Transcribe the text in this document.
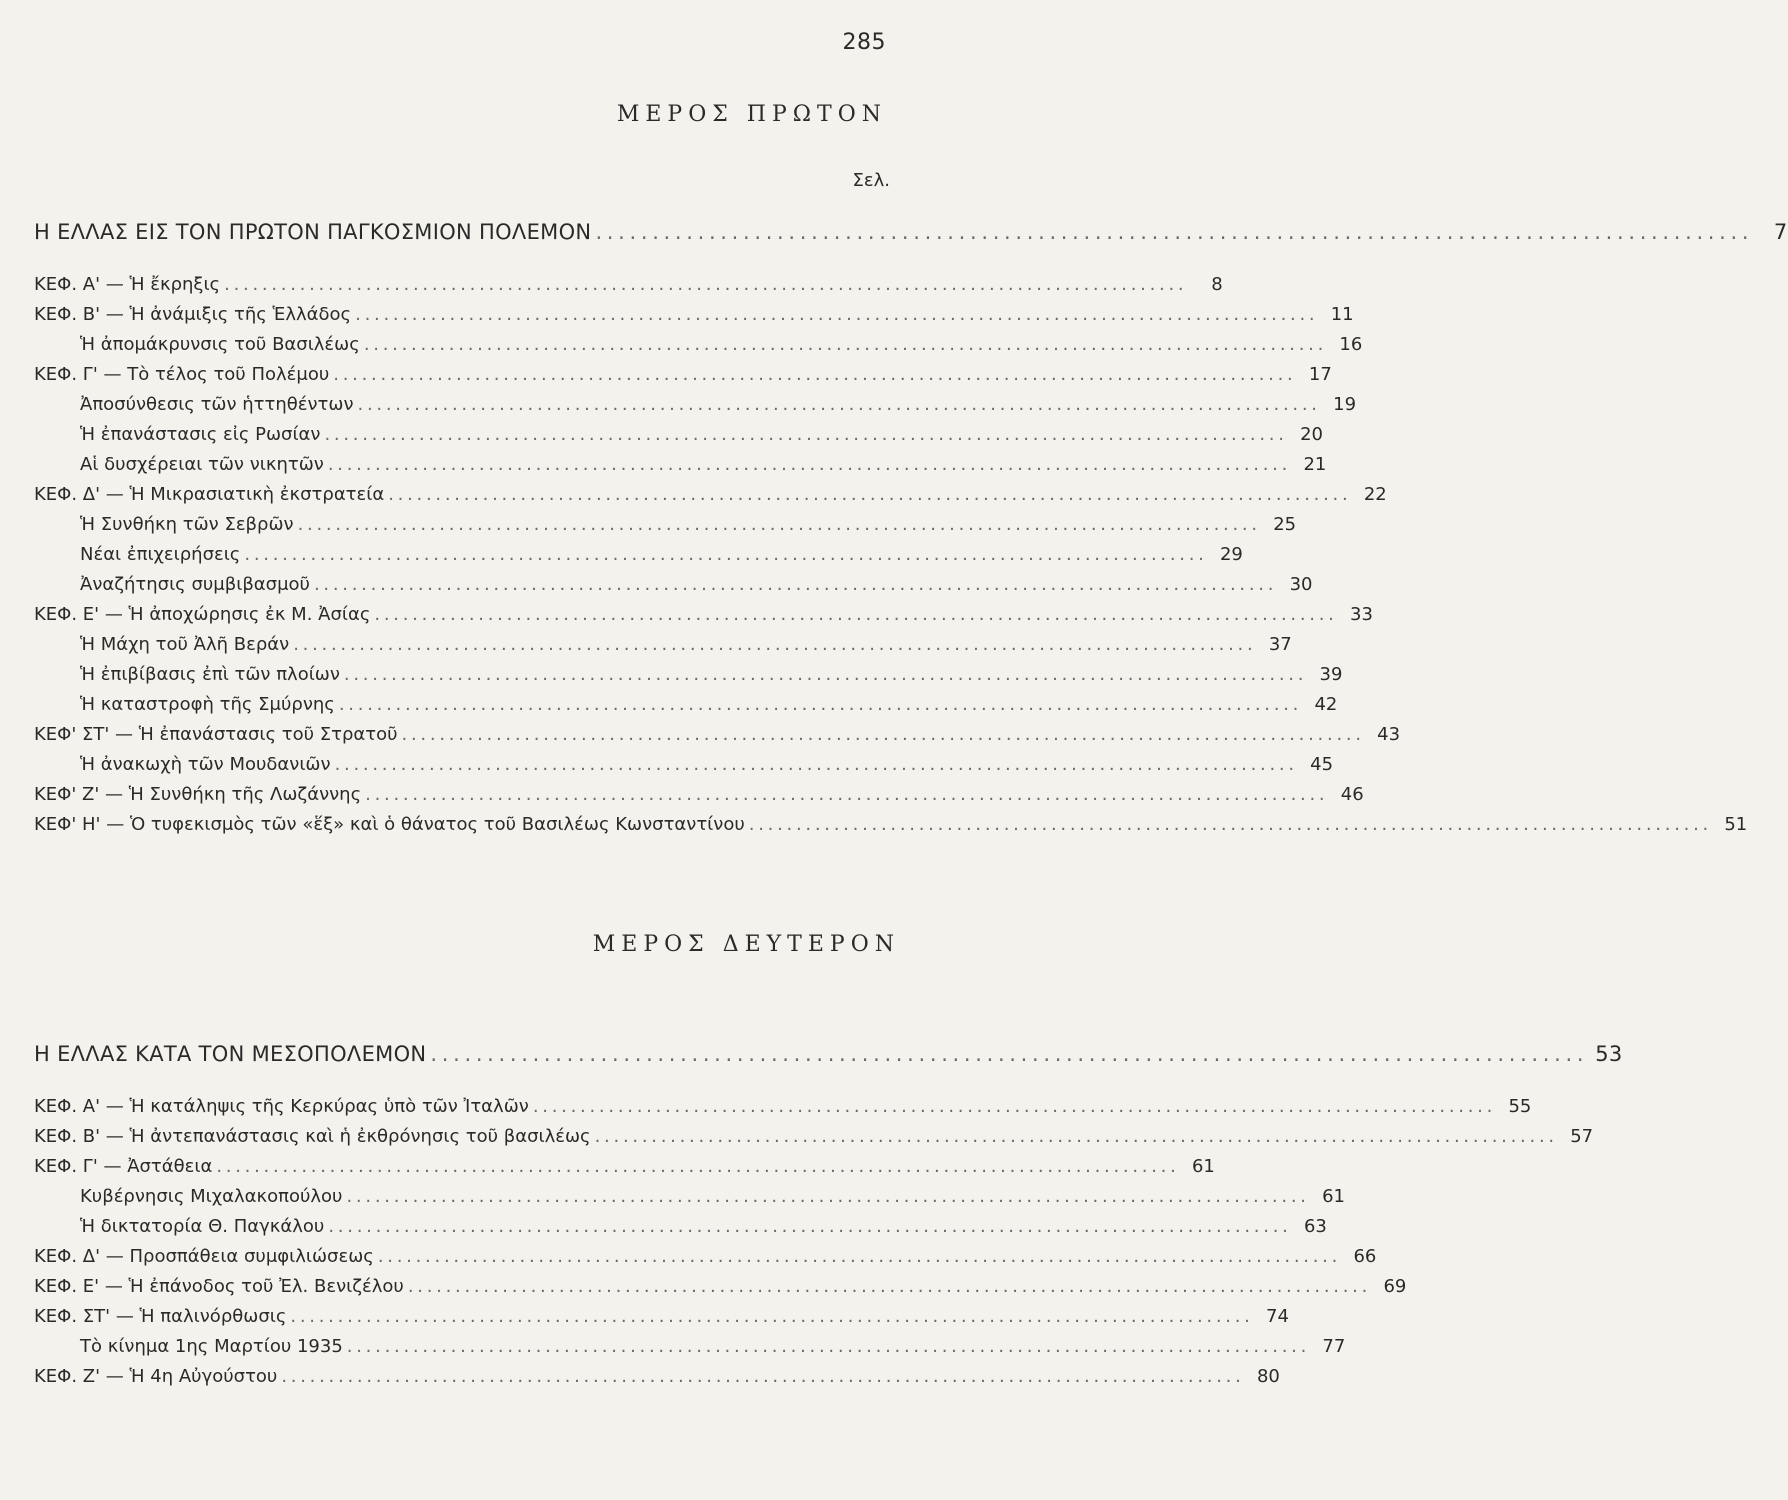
285
ΜΕΡΟΣ ΠΡΩΤΟΝ
Σελ.
Η ΕΛΛΑΣ ΕΙΣ ΤΟΝ ΠΡΩΤΟΝ ΠΑΓΚΟΣΜΙΟΝ ΠΟΛΕΜΟΝ . . .	7
ΚΕΦ. Α' — Ἡ ἔκρηξις . . .	8
ΚΕΦ. Β' — Ἡ ἀνάμιξις τῆς Ἑλλάδος . . .	11
Ἡ ἀπομάκρυνσις τοῦ Βασιλέως . . .	16
ΚΕΦ. Γ' — Τὸ τέλος τοῦ Πολέμου . . .	17
Ἀποσύνθεσις τῶν ἡττηθέντων . . .	19
Ἡ ἐπανάστασις εἰς Ρωσίαν . . .	20
Αἱ δυσχέρειαι τῶν νικητῶν . . .	21
ΚΕΦ. Δ' — Ἡ Μικρασιατικὴ ἐκστρατεία . . .	22
Ἡ Συνθήκη τῶν Σεβρῶν . . .	25
Νέαι ἐπιχειρήσεις . . .	29
Ἀναζήτησις συμβιβασμοῦ . . .	30
ΚΕΦ. Ε' — Ἡ ἀποχώρησις ἐκ Μ. Ἀσίας . . .	33
Ἡ Μάχη τοῦ Ἀλῆ Βεράν . . .	37
Ἡ ἐπιβίβασις ἐπὶ τῶν πλοίων . . .	39
Ἡ καταστροφὴ τῆς Σμύρνης . . .	42
ΚΕΦ' ΣΤ' — Ἡ ἐπανάστασις τοῦ Στρατοῦ . . .	43
Ἡ ἀνακωχὴ τῶν Μουδανιῶν . . .	45
ΚΕΦ' Ζ' — Ἡ Συνθήκη τῆς Λωζάννης . . .	46
ΚΕΦ' Η' — Ὁ τυφεκισμὸς τῶν «ἕξ» καὶ ὁ θάνατος τοῦ Βασιλέως Κωνσταντίνου . . .	51
ΜΕΡΟΣ ΔΕΥΤΕΡΟΝ
Η ΕΛΛΑΣ ΚΑΤΑ ΤΟΝ ΜΕΣΟΠΟΛΕΜΟΝ . . .	53
ΚΕΦ. Α' — Ἡ κατάληψις τῆς Κερκύρας ὑπὸ τῶν Ἰταλῶν . . .	55
ΚΕΦ. Β' — Ἡ ἀντεπανάστασις καὶ ἡ ἐκθρόνησις τοῦ βασιλέως . . .	57
ΚΕΦ. Γ' — Ἀστάθεια . . .	61
Κυβέρνησις Μιχαλακοπούλου . . .	61
Ἡ δικτατορία Θ. Παγκάλου . . .	63
ΚΕΦ. Δ' — Προσπάθεια συμφιλιώσεως . . .	66
ΚΕΦ. Ε' — Ἡ ἐπάνοδος τοῦ Ἐλ. Βενιζέλου . . .	69
ΚΕΦ. ΣΤ' — Ἡ παλινόρθωσις . . .	74
Τὸ κίνημα 1ης Μαρτίου 1935 . . .	77
ΚΕΦ. Ζ' — Ἡ 4η Αὐγούστου . . .	80
